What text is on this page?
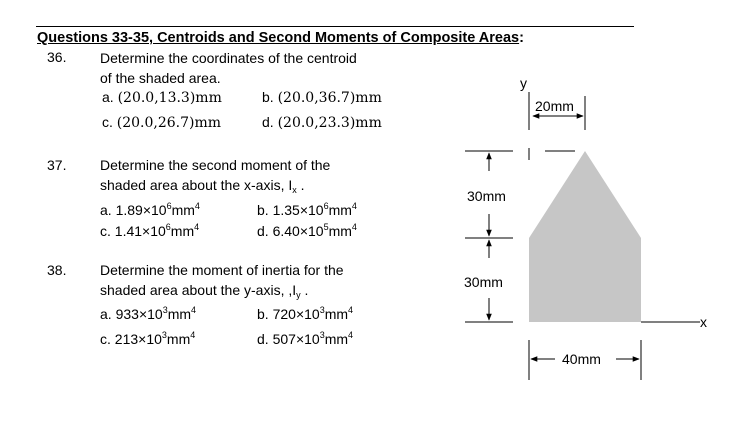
Questions 33-35, Centroids and Second Moments of Composite Areas:
36. Determine the coordinates of the centroid
of the shaded area.
a. (20.0,13.3)mm	b. (20.0,36.7)mm
c. (20.0,26.7)mm	d. (20.0,23.3)mm
37. Determine the second moment of the
shaded area about the x-axis, $I_x$ .
a. $1.89\times 10^6mm^4$	b. $1.35\times 10^6mm^4$
c. $1.41\times 10^6mm^4$	d. $6.40\times 10^5mm^4$
38. Determine the moment of inertia for the
shaded area about the y-axis, $,I_y$ .
a. $933\times 10^3mm^4$	b. $720\times 10^3mm^4$
c. $213\times 10^3mm^4$	d. $507\times 10^3mm^4$
y
x
20mm
30mm
30mm
40mm
